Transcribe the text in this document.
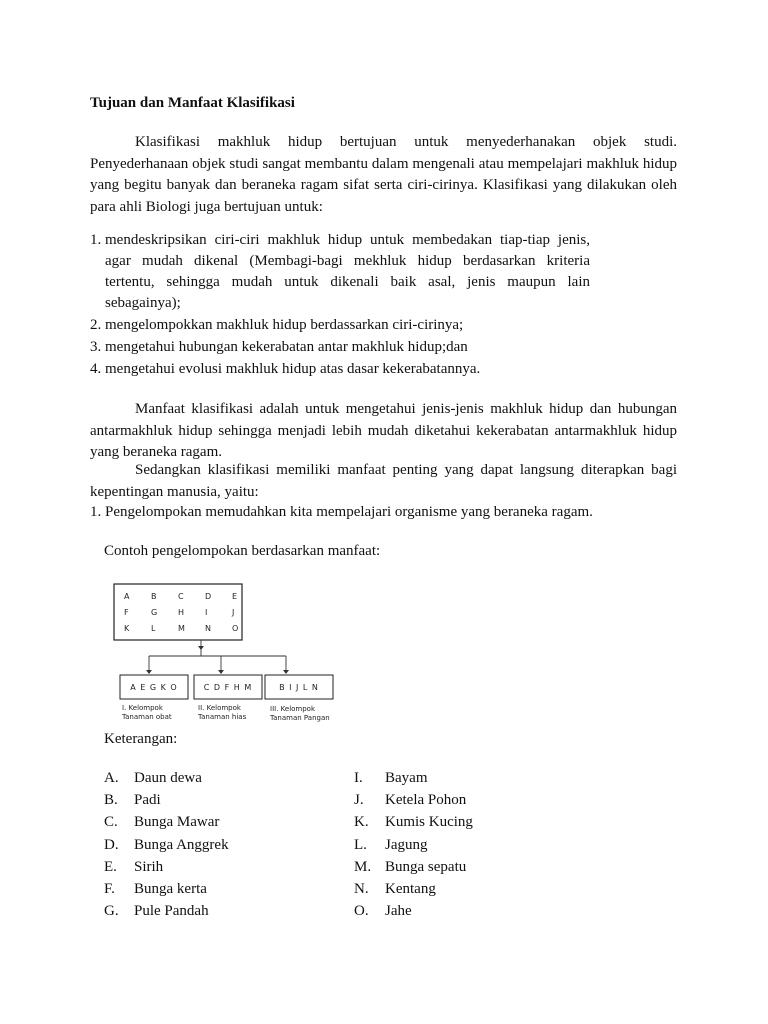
Tujuan dan Manfaat Klasifikasi

Klasifikasi makhluk hidup bertujuan untuk menyederhanakan objek studi. Penyederhanaan objek studi sangat membantu dalam mengenali atau mempelajari makhluk hidup yang begitu banyak dan beraneka ragam sifat serta ciri-cirinya. Klasifikasi yang dilakukan oleh para ahli Biologi juga bertujuan untuk:

1. mendeskripsikan ciri-ciri makhluk hidup untuk membedakan tiap-tiap jenis, agar mudah dikenal (Membagi-bagi mekhluk hidup berdasarkan kriteria tertentu, sehingga mudah untuk dikenali baik asal, jenis maupun lain sebagainya);
2. mengelompokkan makhluk hidup berdassarkan ciri-cirinya;
3. mengetahui hubungan kekerabatan antar makhluk hidup;dan
4. mengetahui evolusi makhluk hidup atas dasar kekerabatannya.

Manfaat klasifikasi adalah untuk mengetahui jenis-jenis makhluk hidup dan hubungan antarmakhluk hidup sehingga menjadi lebih mudah diketahui kekerabatan antarmakhluk hidup yang beraneka ragam.

Sedangkan klasifikasi memiliki manfaat penting yang dapat langsung diterapkan bagi kepentingan manusia, yaitu:

1. Pengelompokan memudahkan kita mempelajari organisme yang beraneka ragam.

Contoh pengelompokan berdasarkan manfaat:

A	B	C	D	E
F	G	H	I	J
K	L	M	N	O
A E G K O	C D F H M	B I J L N
I. Kelompok
Tanaman obat
II. Kelompok
Tanaman hias
III. Kelompok
Tanaman Pangan

Keterangan:

A. Daun dewa
B. Padi
C. Bunga Mawar
D. Bunga Anggrek
E. Sirih
F. Bunga kerta
G. Pule Pandah
I. Bayam
J. Ketela Pohon
K. Kumis Kucing
L. Jagung
M. Bunga sepatu
N. Kentang
O. Jahe
